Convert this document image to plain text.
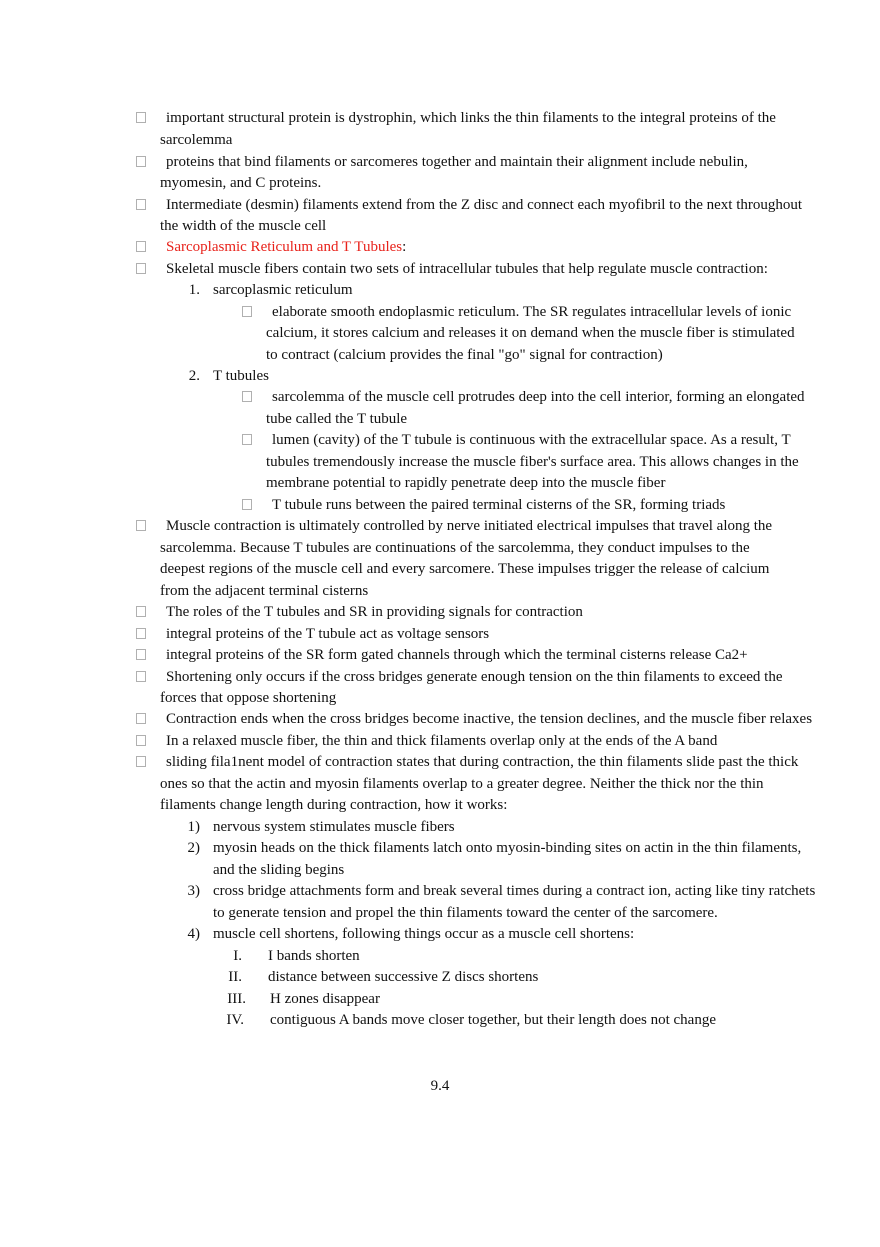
important structural protein is dystrophin, which links the thin filaments to the integral proteins of the
sarcolemma
proteins that bind filaments or sarcomeres together and maintain their alignment include nebulin,
myomesin, and C proteins.
Intermediate (desmin) filaments extend from the Z disc and connect each myofibril to the next throughout
the width of the muscle cell
Sarcoplasmic Reticulum and T Tubules:
Skeletal muscle fibers contain two sets of intracellular tubules that help regulate muscle contraction:
1. sarcoplasmic reticulum
elaborate smooth endoplasmic reticulum. The SR regulates intracellular levels of ionic
calcium, it stores calcium and releases it on demand when the muscle fiber is stimulated
to contract (calcium provides the final "go" signal for contraction)
2. T tubules
sarcolemma of the muscle cell protrudes deep into the cell interior, forming an elongated
tube called the T tubule
lumen (cavity) of the T tubule is continuous with the extracellular space. As a result, T
tubules tremendously increase the muscle fiber's surface area. This allows changes in the
membrane potential to rapidly penetrate deep into the muscle fiber
T tubule runs between the paired terminal cisterns of the SR, forming triads
Muscle contraction is ultimately controlled by nerve initiated electrical impulses that travel along the
sarcolemma. Because T tubules are continuations of the sarcolemma, they conduct impulses to the
deepest regions of the muscle cell and every sarcomere. These impulses trigger the release of calcium
from the adjacent terminal cisterns
The roles of the T tubules and SR in providing signals for contraction
integral proteins of the T tubule act as voltage sensors
integral proteins of the SR form gated channels through which the terminal cisterns release Ca2+
Shortening only occurs if the cross bridges generate enough tension on the thin filaments to exceed the
forces that oppose shortening
Contraction ends when the cross bridges become inactive, the tension declines, and the muscle fiber relaxes
In a relaxed muscle fiber, the thin and thick filaments overlap only at the ends of the A band
sliding fila1nent model of contraction states that during contraction, the thin filaments slide past the thick
ones so that the actin and myosin filaments overlap to a greater degree. Neither the thick nor the thin
filaments change length during contraction, how it works:
1) nervous system stimulates muscle fibers
2) myosin heads on the thick filaments latch onto myosin-binding sites on actin in the thin filaments,
and the sliding begins
3) cross bridge attachments form and break several times during a contract ion, acting like tiny ratchets
to generate tension and propel the thin filaments toward the center of the sarcomere.
4) muscle cell shortens, following things occur as a muscle cell shortens:
I. I bands shorten
II. distance between successive Z discs shortens
III. H zones disappear
IV. contiguous A bands move closer together, but their length does not change
9.4
